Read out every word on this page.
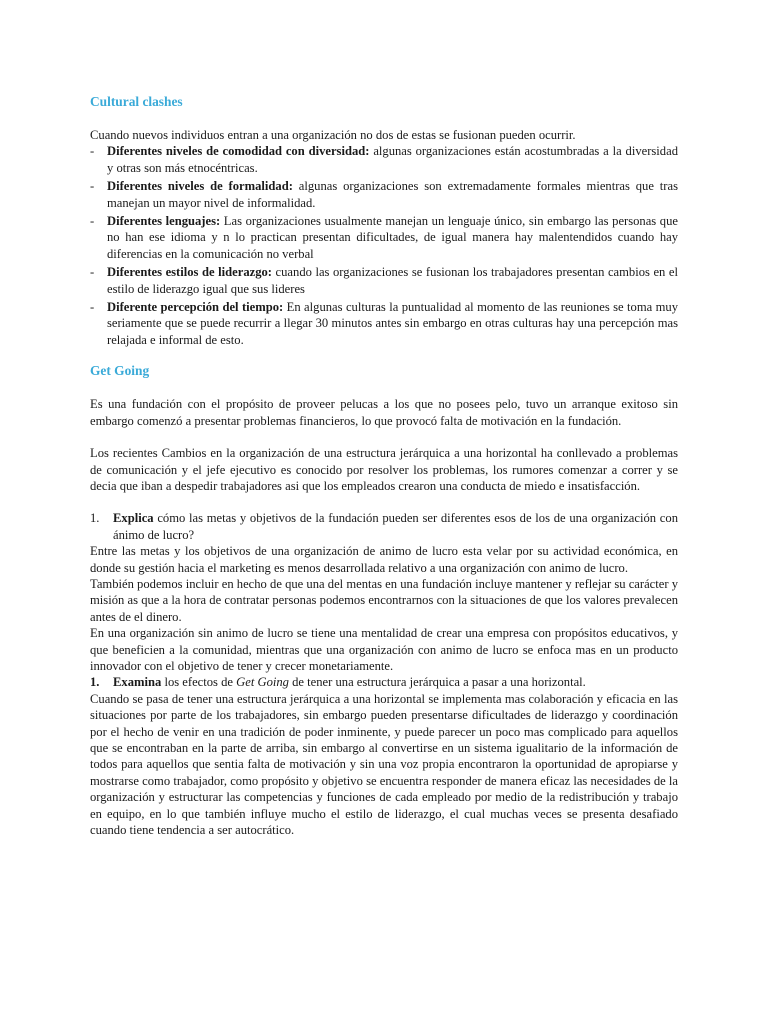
Cultural clashes

Cuando nuevos individuos entran a una organización no dos de estas se fusionan pueden ocurrir.

- Diferentes niveles de comodidad con diversidad: algunas organizaciones están acostumbradas a la diversidad y otras son más etnocéntricas.
- Diferentes niveles de formalidad: algunas organizaciones son extremadamente formales mientras que tras manejan un mayor nivel de informalidad.
- Diferentes lenguajes: Las organizaciones usualmente manejan un lenguaje único, sin embargo las personas que no han ese idioma y n lo practican presentan dificultades, de igual manera hay malentendidos cuando hay diferencias en la comunicación no verbal
- Diferentes estilos de liderazgo: cuando las organizaciones se fusionan los trabajadores presentan cambios en el estilo de liderazgo igual que sus lideres
- Diferente percepción del tiempo: En algunas culturas la puntualidad al momento de las reuniones se toma muy seriamente que se puede recurrir a llegar 30 minutos antes sin embargo en otras culturas hay una percepción mas relajada e informal de esto.
Get Going

Es una fundación con el propósito de proveer pelucas a los que no posees pelo, tuvo un arranque exitoso sin embargo comenzó a presentar problemas financieros, lo que provocó falta de motivación en la fundación.

Los recientes Cambios en la organización de una estructura jerárquica a una horizontal ha conllevado a problemas de comunicación y el jefe ejecutivo es conocido por resolver los problemas, los rumores comenzar a correr y se decia que iban a despedir trabajadores asi que los empleados crearon una conducta de miedo e insatisfacción.

1. Explica cómo las metas y objetivos de la fundación pueden ser diferentes esos de los de una organización con ánimo de lucro?

Entre las metas y los objetivos de una organización de animo de lucro esta velar por su actividad económica, en donde su gestión hacia el marketing es menos desarrollada relativo a una organización con animo de lucro.

También podemos incluir en hecho de que una del mentas en una fundación incluye mantener y reflejar su carácter y misión as que a la hora de contratar personas podemos encontrarnos con la situaciones de que los valores prevalecen antes de el dinero.

En una organización sin animo de lucro se tiene una mentalidad de crear una empresa con propósitos educativos, y que beneficien a la comunidad, mientras que una organización con animo de lucro se enfoca mas en un producto innovador con el objetivo de tener y crecer monetariamente.

1. Examina los efectos de Get Going de tener una estructura jerárquica a pasar a una horizontal.

Cuando se pasa de tener una estructura jerárquica a una horizontal se implementa mas colaboración y eficacia en las situaciones por parte de los trabajadores, sin embargo pueden presentarse dificultades de liderazgo y coordinación por el hecho de venir en una tradición de poder inminente, y puede parecer un poco mas complicado para aquellos que se encontraban en la parte de arriba, sin embargo al convertirse en un sistema igualitario de la información de todos para aquellos que sentia falta de motivación y sin una voz propia encontraron la oportunidad de apropiarse y mostrarse como trabajador, como propósito y objetivo se encuentra responder de manera eficaz las necesidades de la organización y estructurar las competencias y funciones de cada empleado por medio de la redistribución y trabajo en equipo, en lo que también influye mucho el estilo de liderazgo, el cual muchas veces se presenta desafiado cuando tiene tendencia a ser autocrático.
